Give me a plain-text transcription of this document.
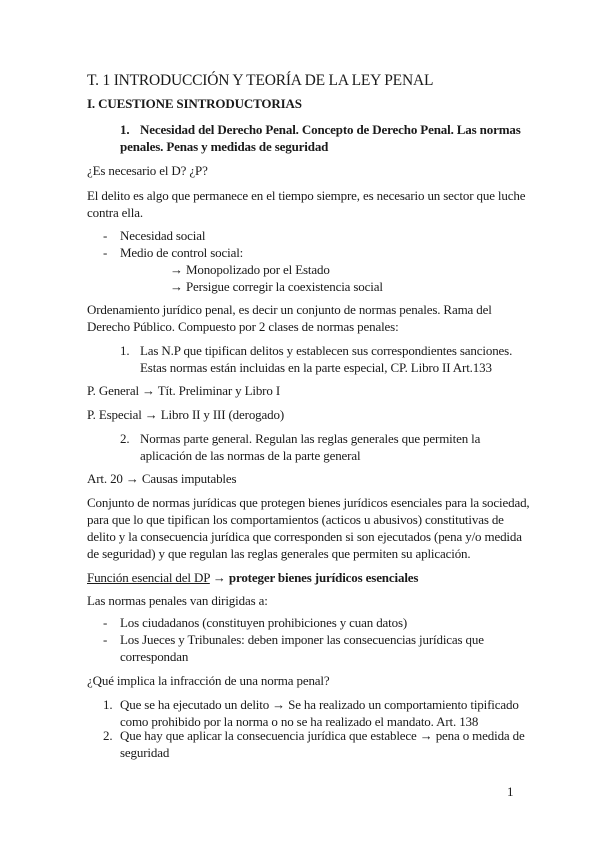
T. 1 INTRODUCCIÓN Y TEORÍA DE LA LEY PENAL
I. CUESTIONE SINTRODUCTORIAS
1. Necesidad del Derecho Penal. Concepto de Derecho Penal. Las normas
penales. Penas y medidas de seguridad
¿Es necesario el D? ¿P?
El delito es algo que permanece en el tiempo siempre, es necesario un sector que luche
contra ella.
- Necesidad social
- Medio de control social:
→ Monopolizado por el Estado
→ Persigue corregir la coexistencia social
Ordenamiento jurídico penal, es decir un conjunto de normas penales. Rama del
Derecho Público. Compuesto por 2 clases de normas penales:
1. Las N.P que tipifican delitos y establecen sus correspondientes sanciones.
Estas normas están incluidas en la parte especial, CP. Libro II Art.133
P. General → Tít. Preliminar y Libro I
P. Especial → Libro II y III (derogado)
2. Normas parte general. Regulan las reglas generales que permiten la
aplicación de las normas de la parte general
Art. 20 → Causas imputables
Conjunto de normas jurídicas que protegen bienes jurídicos esenciales para la sociedad,
para que lo que tipifican los comportamientos (acticos u abusivos) constitutivas de
delito y la consecuencia jurídica que corresponden si son ejecutados (pena y/o medida
de seguridad) y que regulan las reglas generales que permiten su aplicación.
Función esencial del DP → proteger bienes jurídicos esenciales
Las normas penales van dirigidas a:
- Los ciudadanos (constituyen prohibiciones y cuan datos)
- Los Jueces y Tribunales: deben imponer las consecuencias jurídicas que
correspondan
¿Qué implica la infracción de una norma penal?
1. Que se ha ejecutado un delito → Se ha realizado un comportamiento tipificado
como prohibido por la norma o no se ha realizado el mandato. Art. 138
2. Que hay que aplicar la consecuencia jurídica que establece → pena o medida de
seguridad
1
